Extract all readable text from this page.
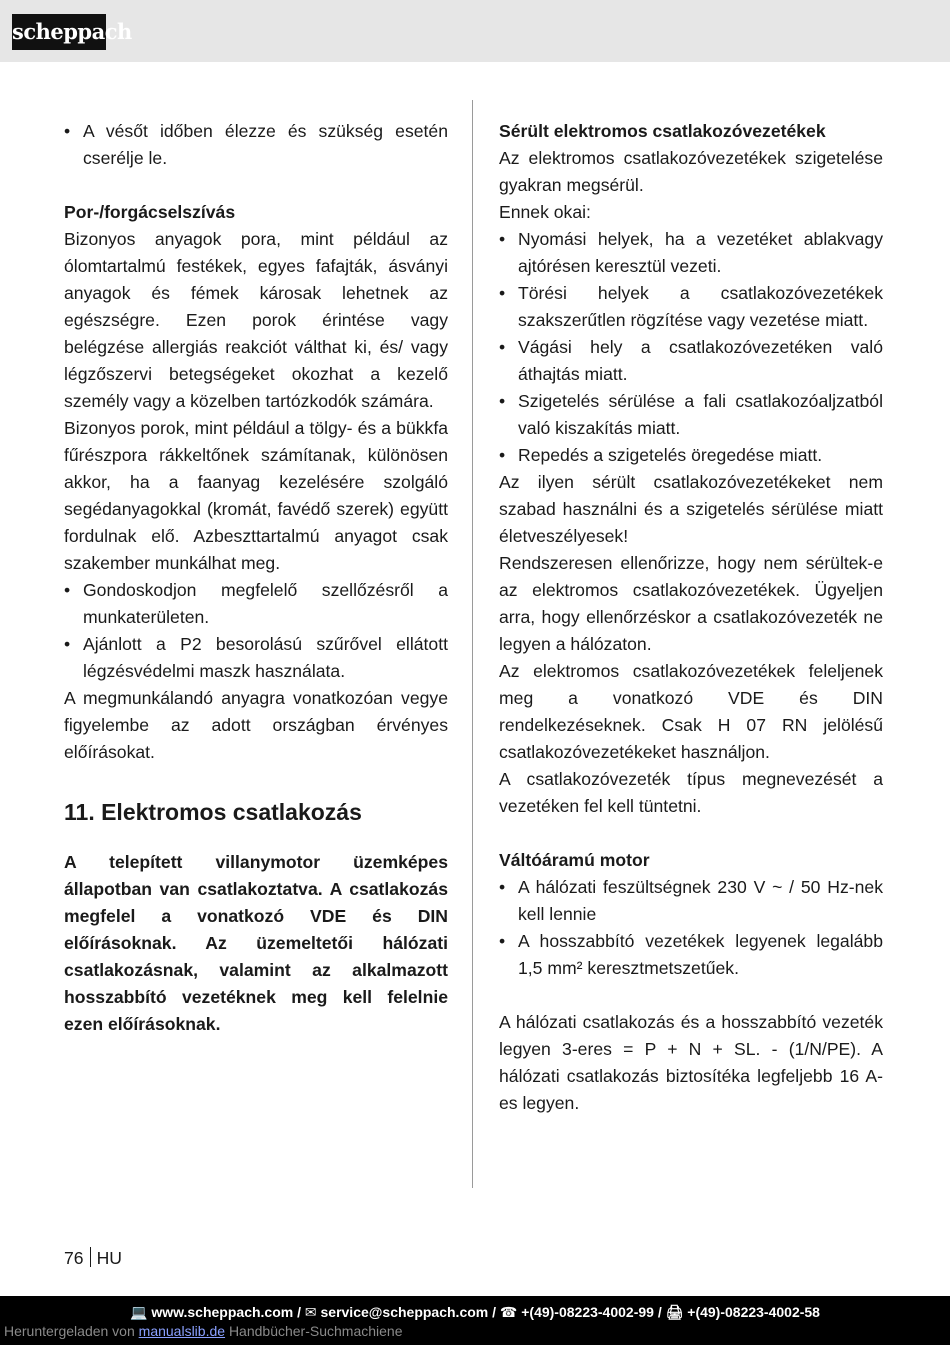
scheppach
• A vésőt időben élezze és szükség esetén cserélje le.
Por-/forgácselszívás
Bizonyos anyagok pora, mint például az ólomtartalmú festékek, egyes fafajták, ásványi anyagok és fémek károsak lehetnek az egészségre. Ezen porok érintése vagy belégzése allergiás reakciót válthat ki, és/ vagy légzőszervi betegségeket okozhat a kezelő személy vagy a közelben tartózkodók számára.
Bizonyos porok, mint például a tölgy- és a bükkfa fűrészpora rákkeltőnek számítanak, különösen akkor, ha a faanyag kezelésére szolgáló segédanyagokkal (kromát, favédő szerek) együtt fordulnak elő. Azbeszttartalmú anyagot csak szakember munkálhat meg.
• Gondoskodjon megfelelő szellőzésről a munkaterületen.
• Ajánlott a P2 besorolású szűrővel ellátott légzésvédelmi maszk használata.
A megmunkálandó anyagra vonatkozóan vegye figyelembe az adott országban érvényes előírásokat.
11. Elektromos csatlakozás
A telepített villanymotor üzemképes állapotban van csatlakoztatva. A csatlakozás megfelel a vonatkozó VDE és DIN előírásoknak. Az üzemeltetői hálózati csatlakozásnak, valamint az alkalmazott hosszabbító vezetéknek meg kell felelnie ezen előírásoknak.
Sérült elektromos csatlakozóvezetékek
Az elektromos csatlakozóvezetékek szigetelése gyakran megsérül.
Ennek okai:
• Nyomási helyek, ha a vezetéket ablakvagy ajtórésen keresztül vezeti.
• Törési helyek a csatlakozóvezetékek szakszerűtlen rögzítése vagy vezetése miatt.
• Vágási hely a csatlakozóvezetéken való áthajtás miatt.
• Szigetelés sérülése a fali csatlakozóaljzatból való kiszakítás miatt.
• Repedés a szigetelés öregedése miatt.
Az ilyen sérült csatlakozóvezetékeket nem szabad használni és a szigetelés sérülése miatt életveszélyesek!
Rendszeresen ellenőrizze, hogy nem sérültek-e az elektromos csatlakozóvezetékek. Ügyeljen arra, hogy ellenőrzéskor a csatlakozóvezeték ne legyen a hálózaton.
Az elektromos csatlakozóvezetékek feleljenek meg a vonatkozó VDE és DIN rendelkezéseknek. Csak H 07 RN jelölésű csatlakozóvezetékeket használjon.
A csatlakozóvezeték típus megnevezését a vezetéken fel kell tüntetni.
Váltóáramú motor
• A hálózati feszültségnek 230 V ~ / 50 Hz-nek kell lennie
• A hosszabbító vezetékek legyenek legalább 1,5 mm² keresztmetszetűek.
A hálózati csatlakozás és a hosszabbító vezeték legyen 3-eres = P + N + SL. - (1/N/PE). A hálózati csatlakozás biztosítéka legfeljebb 16 A-es legyen.
76 HU
💻 www.scheppach.com / ✉ service@scheppach.com / ☎ +(49)-08223-4002-99 / 🖨 +(49)-08223-4002-58
Heruntergeladen von manualslib.de Handbücher-Suchmachiene
